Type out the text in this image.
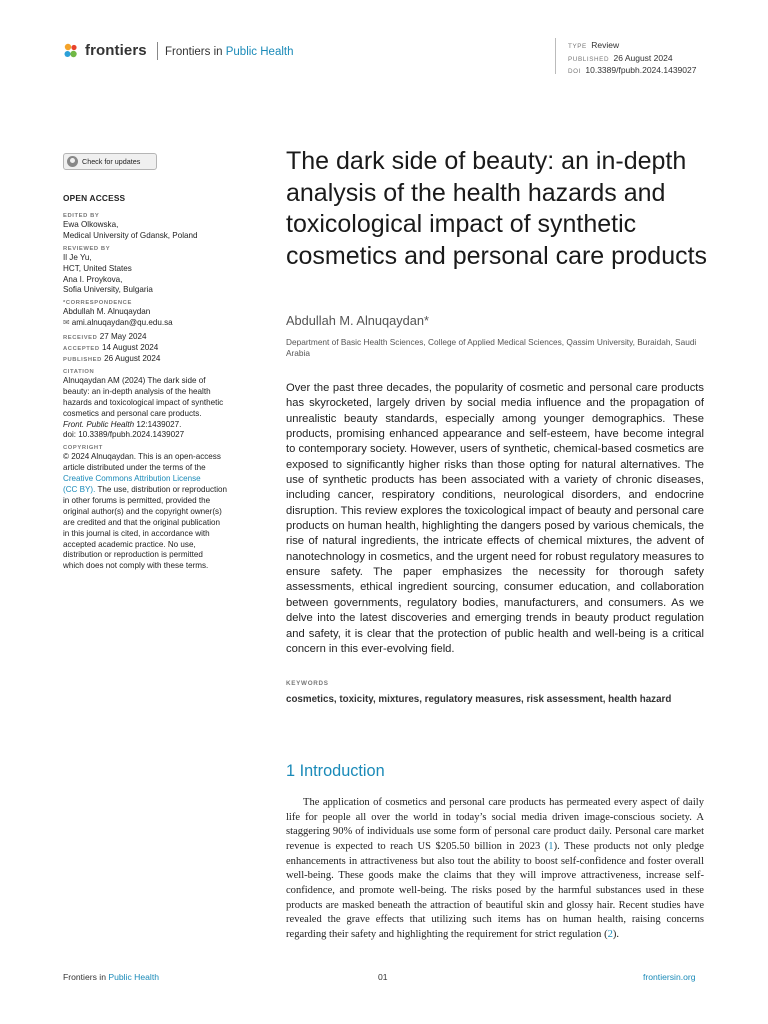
frontiers Frontiers in Public Health	TYPE Review
PUBLISHED 26 August 2024
DOI 10.3389/fpubh.2024.1439027
Check for updates
OPEN ACCESS
EDITED BY
Ewa Olkowska,
Medical University of Gdansk, Poland
REVIEWED BY
Il Je Yu,
HCT, United States
Ana I. Proykova,
Sofia University, Bulgaria
*CORRESPONDENCE
Abdullah M. Alnuqaydan
✉ ami.alnuqaydan@qu.edu.sa
RECEIVED 27 May 2024
ACCEPTED 14 August 2024
PUBLISHED 26 August 2024
CITATION
Alnuqaydan AM (2024) The dark side of
beauty: an in-depth analysis of the health
hazards and toxicological impact of synthetic
cosmetics and personal care products.
Front. Public Health 12:1439027.
doi: 10.3389/fpubh.2024.1439027
COPYRIGHT
© 2024 Alnuqaydan. This is an open-access
article distributed under the terms of the
Creative Commons Attribution License
(CC BY). The use, distribution or reproduction
in other forums is permitted, provided the
original author(s) and the copyright owner(s)
are credited and that the original publication
in this journal is cited, in accordance with
accepted academic practice. No use,
distribution or reproduction is permitted
which does not comply with these terms.
The dark side of beauty: an in-depth analysis of the health hazards and toxicological impact of synthetic cosmetics and personal care products
Abdullah M. Alnuqaydan*
Department of Basic Health Sciences, College of Applied Medical Sciences, Qassim University, Buraidah, Saudi Arabia
Over the past three decades, the popularity of cosmetic and personal care products has skyrocketed, largely driven by social media influence and the propagation of unrealistic beauty standards, especially among younger demographics. These products, promising enhanced appearance and self-esteem, have become integral to contemporary society. However, users of synthetic, chemical-based cosmetics are exposed to significantly higher risks than those opting for natural alternatives. The use of synthetic products has been associated with a variety of chronic diseases, including cancer, respiratory conditions, neurological disorders, and endocrine disruption. This review explores the toxicological impact of beauty and personal care products on human health, highlighting the dangers posed by various chemicals, the rise of natural ingredients, the intricate effects of chemical mixtures, the advent of nanotechnology in cosmetics, and the urgent need for robust regulatory measures to ensure safety. The paper emphasizes the necessity for thorough safety assessments, ethical ingredient sourcing, consumer education, and collaboration between governments, regulatory bodies, manufacturers, and consumers. As we delve into the latest discoveries and emerging trends in beauty product regulation and safety, it is clear that the protection of public health and well-being is a critical concern in this ever-evolving field.
KEYWORDS
cosmetics, toxicity, mixtures, regulatory measures, risk assessment, health hazard
1 Introduction
The application of cosmetics and personal care products has permeated every aspect of daily life for people all over the world in today’s social media driven image-conscious society. A staggering 90% of individuals use some form of personal care product daily. Personal care market revenue is expected to reach US $205.50 billion in 2023 (1). These products not only pledge enhancements in attractiveness but also tout the ability to boost self-confidence and foster overall well-being. These goods make the claims that they will improve attractiveness, increase self-confidence, and promote well-being. The risks posed by the harmful substances used in these products are masked beneath the attraction of beautiful skin and glossy hair. Recent studies have revealed the grave effects that utilizing such items has on human health, raising concerns regarding their safety and highlighting the requirement for strict regulation (2).
Frontiers in Public Health	01	frontiersin.org
